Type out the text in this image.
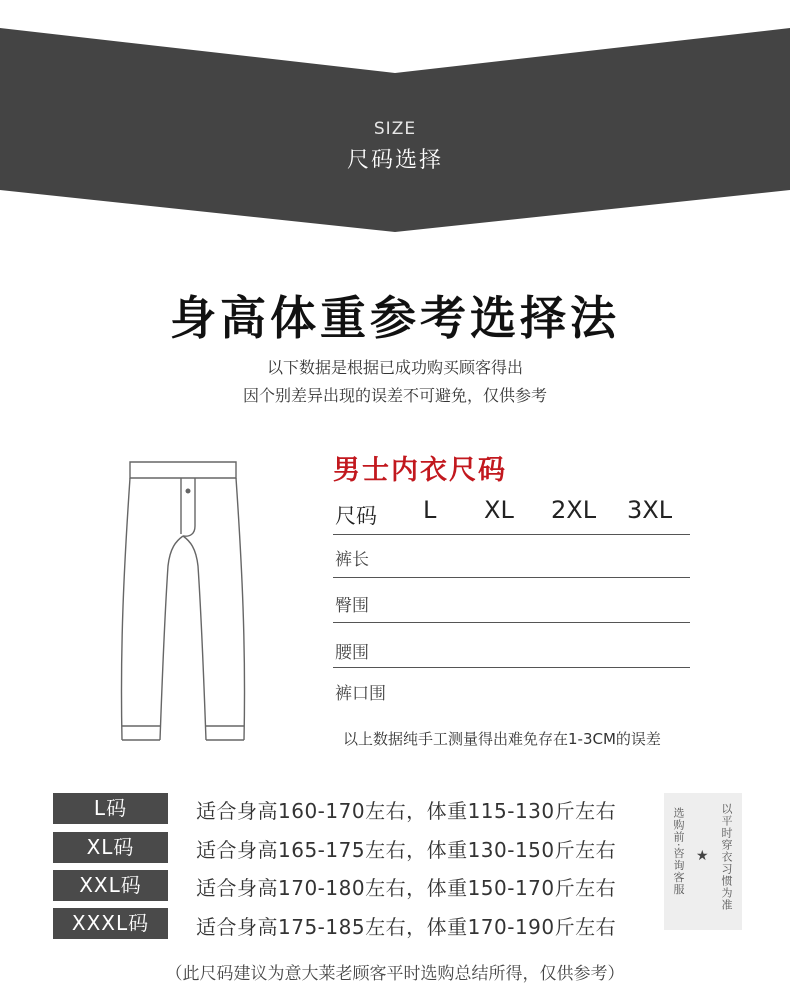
SIZE
尺码选择
身高体重参考选择法
以下数据是根据已成功购买顾客得出
因个别差异出现的误差不可避免，仅供参考
男士内衣尺码
尺码 L XL 2XL 3XL
裤长
臀围
腰围
裤口围
以上数据纯手工测量得出难免存在1-3CM的误差
L码	适合身高160-170左右，体重115-130斤左右
XL码	适合身高165-175左右，体重130-150斤左右
XXL码	适合身高170-180左右，体重150-170斤左右
XXXL码	适合身高175-185左右，体重170-190斤左右
选购前·咨询客服 ★ 以平时穿衣习惯为准
（此尺码建议为意大莱老顾客平时选购总结所得，仅供参考）
